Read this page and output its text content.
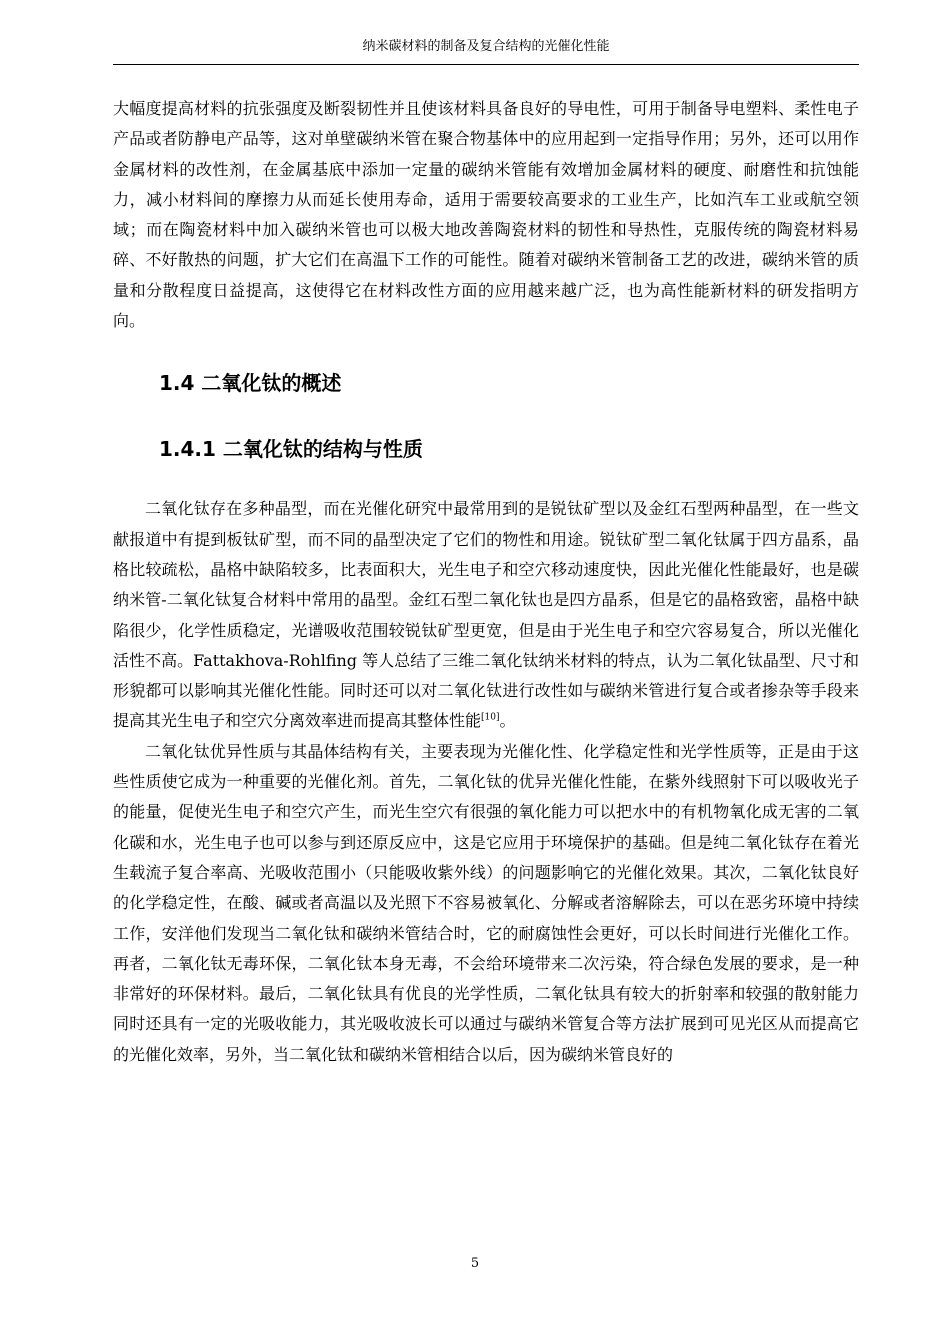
纳米碳材料的制备及复合结构的光催化性能

大幅度提高材料的抗张强度及断裂韧性并且使该材料具备良好的导电性，可用于制备导电塑料、柔性电子产品或者防静电产品等，这对单壁碳纳米管在聚合物基体中的应用起到一定指导作用；另外，还可以用作金属材料的改性剂，在金属基底中添加一定量的碳纳米管能有效增加金属材料的硬度、耐磨性和抗蚀能力，减小材料间的摩擦力从而延长使用寿命，适用于需要较高要求的工业生产，比如汽车工业或航空领域；而在陶瓷材料中加入碳纳米管也可以极大地改善陶瓷材料的韧性和导热性，克服传统的陶瓷材料易碎、不好散热的问题，扩大它们在高温下工作的可能性。随着对碳纳米管制备工艺的改进，碳纳米管的质量和分散程度日益提高，这使得它在材料改性方面的应用越来越广泛，也为高性能新材料的研发指明方向。

1.4 二氧化钛的概述
1.4.1 二氧化钛的结构与性质

二氧化钛存在多种晶型，而在光催化研究中最常用到的是锐钛矿型以及金红石型两种晶型，在一些文献报道中有提到板钛矿型，而不同的晶型决定了它们的物性和用途。锐钛矿型二氧化钛属于四方晶系，晶格比较疏松，晶格中缺陷较多，比表面积大，光生电子和空穴移动速度快，因此光催化性能最好，也是碳纳米管-二氧化钛复合材料中常用的晶型。金红石型二氧化钛也是四方晶系，但是它的晶格致密，晶格中缺陷很少，化学性质稳定，光谱吸收范围较锐钛矿型更宽，但是由于光生电子和空穴容易复合，所以光催化活性不高。Fattakhova-Rohlfing 等人总结了三维二氧化钛纳米材料的特点，认为二氧化钛晶型、尺寸和形貌都可以影响其光催化性能。同时还可以对二氧化钛进行改性如与碳纳米管进行复合或者掺杂等手段来提高其光生电子和空穴分离效率进而提高其整体性能[10]。

二氧化钛优异性质与其晶体结构有关，主要表现为光催化性、化学稳定性和光学性质等，正是由于这些性质使它成为一种重要的光催化剂。首先，二氧化钛的优异光催化性能，在紫外线照射下可以吸收光子的能量，促使光生电子和空穴产生，而光生空穴有很强的氧化能力可以把水中的有机物氧化成无害的二氧化碳和水，光生电子也可以参与到还原反应中，这是它应用于环境保护的基础。但是纯二氧化钛存在着光生载流子复合率高、光吸收范围小（只能吸收紫外线）的问题影响它的光催化效果。其次，二氧化钛良好的化学稳定性，在酸、碱或者高温以及光照下不容易被氧化、分解或者溶解除去，可以在恶劣环境中持续工作，安洋他们发现当二氧化钛和碳纳米管结合时，它的耐腐蚀性会更好，可以长时间进行光催化工作。再者，二氧化钛无毒环保，二氧化钛本身无毒，不会给环境带来二次污染，符合绿色发展的要求，是一种非常好的环保材料。最后，二氧化钛具有优良的光学性质，二氧化钛具有较大的折射率和较强的散射能力同时还具有一定的光吸收能力，其光吸收波长可以通过与碳纳米管复合等方法扩展到可见光区从而提高它的光催化效率，另外，当二氧化钛和碳纳米管相结合以后，因为碳纳米管良好的

5
